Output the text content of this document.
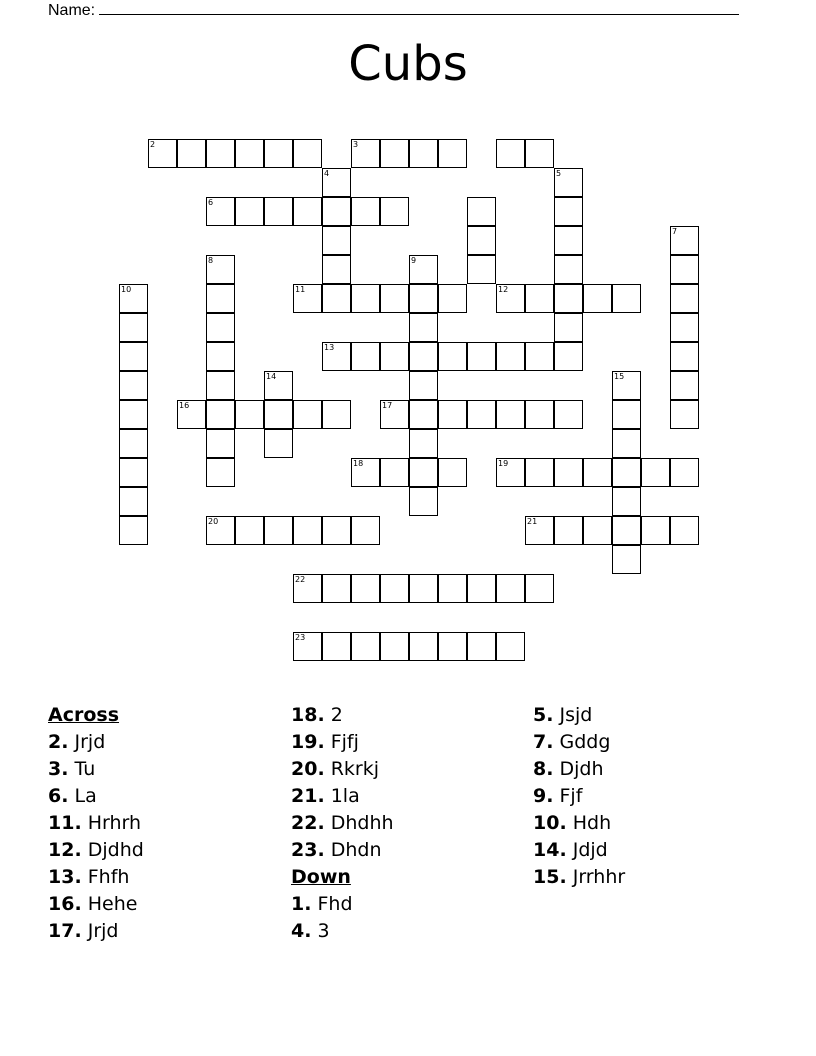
Name:
Cubs
2	3
4	5
6
7
8	9
10	11	12
13
14	15
16	17
18	19
20	21
22
23
Across
2. Jrjd
3. Tu
6. La
11. Hrhrh
12. Djdhd
13. Fhfh
16. Hehe
17. Jrjd
18. 2
19. Fjfj
20. Rkrkj
21. 1la
22. Dhdhh
23. Dhdn
Down
1. Fhd
4. 3
5. Jsjd
7. Gddg
8. Djdh
9. Fjf
10. Hdh
14. Jdjd
15. Jrrhhr
